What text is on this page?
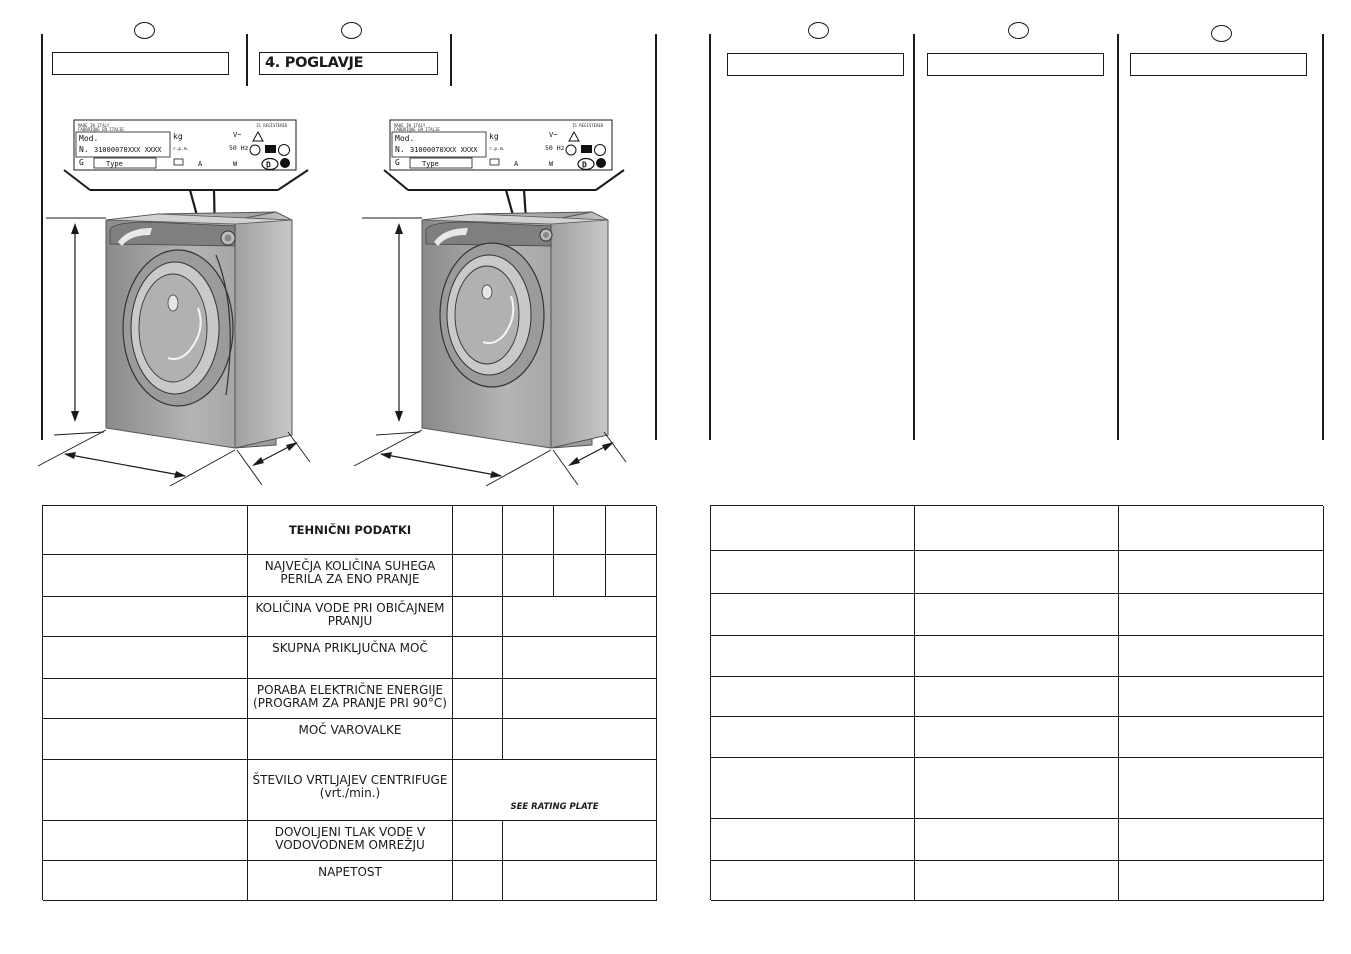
4. POGLAVJE
MADE IN ITALY
FABBRIQUE EN ITALIE
IS REGISTERED
Mod.	kg	V~
N. 31000070XXX XXXX	r.p.m.	50 Hz
G	Type	A	W	D
MADE IN ITALY
FABBRIQUE EN ITALIE
IS REGISTERED
Mod.	kg	V~
N. 31000070XXX XXXX	r.p.m.	50 Hz
G	Type	A	W	D
TEHNIČNI PODATKI
NAJVEČJA KOLIČINA SUHEGA PERILA ZA ENO PRANJE
KOLIČINA VODE PRI OBIČAJNEM PRANJU
SKUPNA PRIKLJUČNA MOČ
PORABA ELEKTRIČNE ENERGIJE (PROGRAM ZA PRANJE PRI 90°C)
MOČ VAROVALKE
ŠTEVILO VRTLJAJEV CENTRIFUGE (vrt./min.)
SEE RATING PLATE
DOVOLJENI TLAK VODE V VODOVODNEM OMREŽJU
NAPETOST
